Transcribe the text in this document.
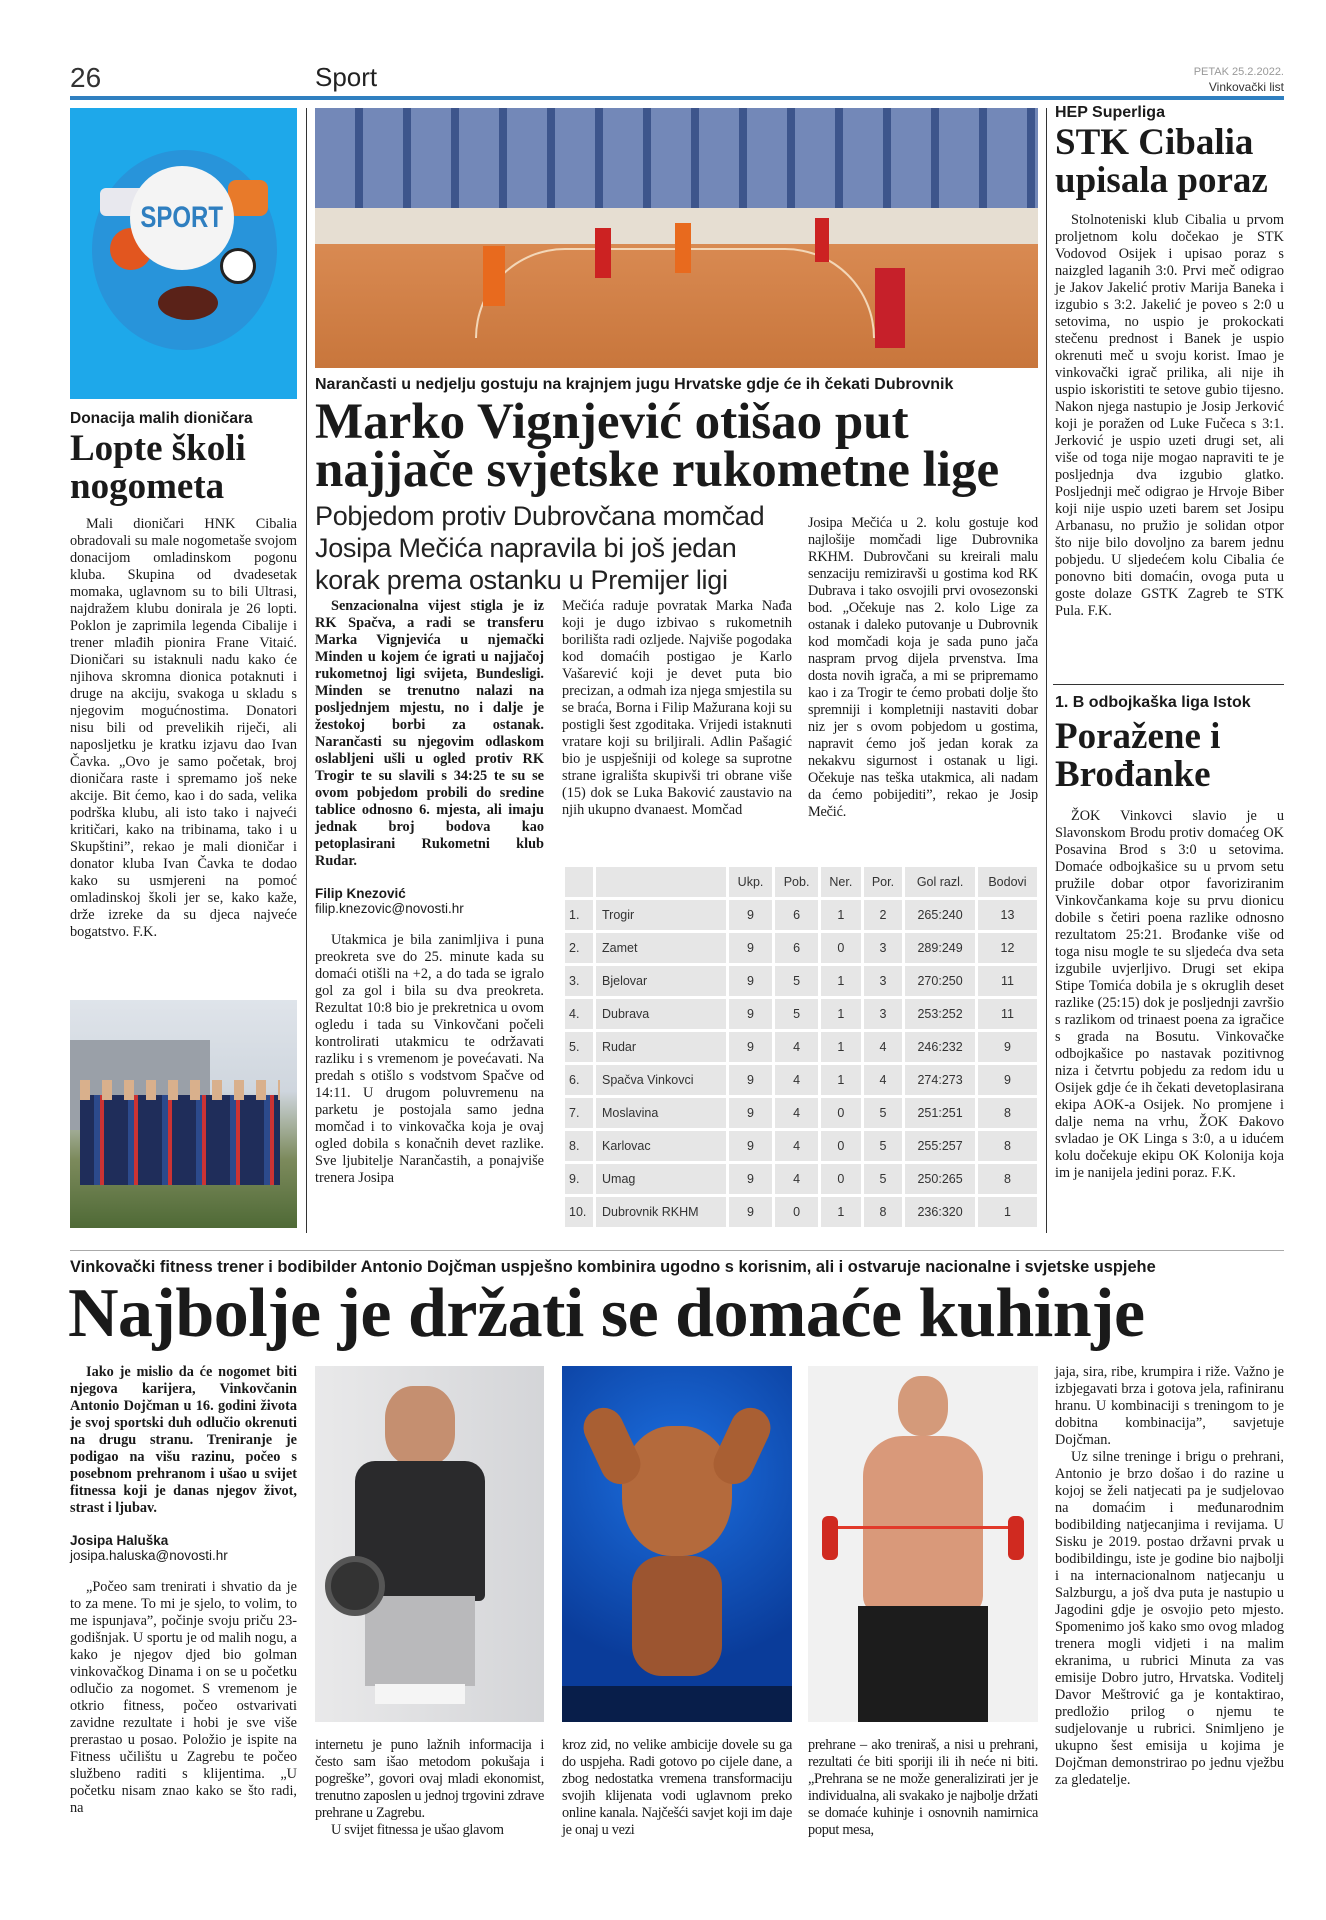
26	Sport	PETAK 25.2.2022.
Vinkovački list
SPORT
Donacija malih dioničara
Lopte školi nogometa

Mali dioničari HNK Cibalia obradovali su male nogometaše svojom donacijom omladinskom pogonu kluba. Skupina od dvadesetak momaka, uglavnom su to bili Ultrasi, najdražem klubu donirala je 26 lopti. Poklon je zaprimila legenda Cibalije i trener mlađih pionira Frane Vitaić. Dioničari su istaknuli nadu kako će njihova skromna dionica potaknuti i druge na akciju, svakoga u skladu s njegovim mogućnostima. Donatori nisu bili od prevelikih riječi, ali naposljetku je kratku izjavu dao Ivan Čavka. „Ovo je samo početak, broj dioničara raste i spremamo još neke akcije. Bit ćemo, kao i do sada, velika podrška klubu, ali isto tako i najveći kritičari, kako na tribinama, tako i u Skupštini”, rekao je mali dioničar i donator kluba Ivan Čavka te dodao kako su usmjereni na pomoć omladinskoj školi jer se, kako kaže, drže izreke da su djeca najveće bogatstvo. F.K.

Narančasti u nedjelju gostuju na krajnjem jugu Hrvatske gdje će ih čekati Dubrovnik
Marko Vignjević otišao put
najjače svjetske rukometne lige
Pobjedom protiv Dubrovčana momčad Josipa Mečića napravila bi još jedan korak prema ostanku u Premijer ligi

Senzacionalna vijest stigla je iz RK Spačva, a radi se transferu Marka Vignjevića u njemački Minden u kojem će igrati u najjačoj rukometnoj ligi svijeta, Bundesligi. Minden se trenutno nalazi na posljednjem mjestu, no i dalje je žestokoj borbi za ostanak. Narančasti su njegovim odlaskom oslabljeni ušli u ogled protiv RK Trogir te su slavili s 34:25 te su se ovom pobjedom probili do sredine tablice odnosno 6. mjesta, ali imaju jednak broj bodova kao petoplasirani Rukometni klub Rudar.

Filip Knezović
filip.knezovic@novosti.hr

Utakmica je bila zanimljiva i puna preokreta sve do 25. minute kada su domaći otišli na +2, a do tada se igralo gol za gol i bila su dva preokreta. Rezultat 10:8 bio je prekretnica u ovom ogledu i tada su Vinkovčani počeli kontrolirati utakmicu te održavati razliku i s vremenom je povećavati. Na predah s otišlo s vodstvom Spačve od 14:11. U drugom poluvremenu na parketu je postojala samo jedna momčad i to vinkovačka koja je ovaj ogled dobila s konačnih devet razlike. Sve ljubitelje Narančastih, a ponajviše trenera Josipa

Mečića raduje povratak Marka Nađa koji je dugo izbivao s rukometnih borilišta radi ozljede. Najviše pogodaka kod domaćih postigao je Karlo Vašarević koji je devet puta bio precizan, a odmah iza njega smjestila su se braća, Borna i Filip Mažurana koji su postigli šest zgoditaka. Vrijedi istaknuti vratare koji su briljirali. Adlin Pašagić bio je uspješniji od kolege sa suprotne strane igrališta skupivši tri obrane više (15) dok se Luka Baković zaustavio na njih ukupno dvanaest. Momčad

Josipa Mečića u 2. kolu gostuje kod najlošije momčadi lige Dubrovnika RKHM. Dubrovčani su kreirali malu senzaciju remiziravši u gostima kod RK Dubrava i tako osvojili prvi ovosezonski bod. „Očekuje nas 2. kolo Lige za ostanak i daleko putovanje u Dubrovnik kod momčadi koja je sada puno jača naspram prvog dijela prvenstva. Ima dosta novih igrača, a mi se pripremamo kao i za Trogir te ćemo probati dolje što spremniji i kompletniji nastaviti dobar niz jer s ovom pobjedom u gostima, napravit ćemo još jedan korak za nekakvu sigurnost i ostanak u ligi. Očekuje nas teška utakmica, ali nadam da ćemo pobijediti”, rekao je Josip Mečić.

		Ukp.	Pob.	Ner.	Por.	Gol razl.	Bodovi
1.	Trogir	9	6	1	2	265:240	13
2.	Zamet	9	6	0	3	289:249	12
3.	Bjelovar	9	5	1	3	270:250	11
4.	Dubrava	9	5	1	3	253:252	11
5.	Rudar	9	4	1	4	246:232	9
6.	Spačva Vinkovci	9	4	1	4	274:273	9
7.	Moslavina	9	4	0	5	251:251	8
8.	Karlovac	9	4	0	5	255:257	8
9.	Umag	9	4	0	5	250:265	8
10.	Dubrovnik RKHM	9	0	1	8	236:320	1
HEP Superliga
STK Cibalia upisala poraz

Stolnoteniski klub Cibalia u prvom proljetnom kolu dočekao je STK Vodovod Osijek i upisao poraz s naizgled laganih 3:0. Prvi meč odigrao je Jakov Jakelić protiv Marija Baneka i izgubio s 3:2. Jakelić je poveo s 2:0 u setovima, no uspio je prokockati stečenu prednost i Banek je uspio okrenuti meč u svoju korist. Imao je vinkovački igrač prilika, ali nije ih uspio iskoristiti te setove gubio tijesno. Nakon njega nastupio je Josip Jerković koji je poražen od Luke Fučeca s 3:1. Jerković je uspio uzeti drugi set, ali više od toga nije mogao napraviti te je posljednja dva izgubio glatko. Posljednji meč odigrao je Hrvoje Biber koji nije uspio uzeti barem set Josipu Arbanasu, no pružio je solidan otpor što nije bilo dovoljno za barem jednu pobjedu. U sljedećem kolu Cibalia će ponovno biti domaćin, ovoga puta u goste dolaze GSTK Zagreb te STK Pula. F.K.

1. B odbojkaška liga Istok
Poražene i Brođanke

ŽOK Vinkovci slavio je u Slavonskom Brodu protiv domaćeg OK Posavina Brod s 3:0 u setovima. Domaće odbojkašice su u prvom setu pružile dobar otpor favoriziranim Vinkovčankama koje su prvu dionicu dobile s četiri poena razlike odnosno rezultatom 25:21. Brođanke više od toga nisu mogle te su sljedeća dva seta izgubile uvjerljivo. Drugi set ekipa Stipe Tomića dobila je s okruglih deset razlike (25:15) dok je posljednji završio s razlikom od trinaest poena za igračice s grada na Bosutu. Vinkovačke odbojkašice po nastavak pozitivnog niza i četvrtu pobjedu za redom idu u Osijek gdje će ih čekati devetoplasirana ekipa AOK-a Osijek. No promjene i dalje nema na vrhu, ŽOK Đakovo svladao je OK Linga s 3:0, a u idućem kolu dočekuje ekipu OK Kolonija koja im je nanijela jedini poraz. F.K.

Vinkovački fitness trener i bodibilder Antonio Dojčman uspješno kombinira ugodno s korisnim, ali i ostvaruje nacionalne i svjetske uspjehe
Najbolje je držati se domaće kuhinje

Iako je mislio da će nogomet biti njegova karijera, Vinkovčanin Antonio Dojčman u 16. godini života je svoj sportski duh odlučio okrenuti na drugu stranu. Treniranje je podigao na višu razinu, počeo s posebnom prehranom i ušao u svijet fitnessa koji je danas njegov život, strast i ljubav.

Josipa Haluška
josipa.haluska@novosti.hr

„Počeo sam trenirati i shvatio da je to za mene. To mi je sjelo, to volim, to me ispunjava”, počinje svoju priču 23-godišnjak. U sportu je od malih nogu, a kako je njegov djed bio golman vinkovačkog Dinama i on se u početku odlučio za nogomet. S vremenom je otkrio fitness, počeo ostvarivati zavidne rezultate i hobi je sve više prerastao u posao. Položio je ispite na Fitness učilištu u Zagrebu te počeo službeno raditi s klijentima. „U početku nisam znao kako se što radi, na

internetu je puno lažnih informacija i često sam išao metodom pokušaja i pogreške”, govori ovaj mladi ekonomist, trenutno zaposlen u jednoj trgovini zdrave prehrane u Zagrebu.

U svijet fitnessa je ušao glavom

kroz zid, no velike ambicije dovele su ga do uspjeha. Radi gotovo po cijele dane, a zbog nedostatka vremena transformaciju svojih klijenata vodi uglavnom preko online kanala. Najčešći savjet koji im daje je onaj u vezi

prehrane – ako treniraš, a nisi u prehrani, rezultati će biti sporiji ili ih neće ni biti. „Prehrana se ne može generalizirati jer je individualna, ali svakako je najbolje držati se domaće kuhinje i osnovnih namirnica poput mesa,

jaja, sira, ribe, krumpira i riže. Važno je izbjegavati brza i gotova jela, rafiniranu hranu. U kombinaciji s treningom to je dobitna kombinacija”, savjetuje Dojčman.

Uz silne treninge i brigu o prehrani, Antonio je brzo došao i do razine u kojoj se želi natjecati pa je sudjelovao na domaćim i međunarodnim bodibilding natjecanjima i revijama. U Sisku je 2019. postao državni prvak u bodibildingu, iste je godine bio najbolji i na internacionalnom natjecanju u Salzburgu, a još dva puta je nastupio u Jagodini gdje je osvojio peto mjesto. Spomenimo još kako smo ovog mladog trenera mogli vidjeti i na malim ekranima, u rubrici Minuta za vas emisije Dobro jutro, Hrvatska. Voditelj Davor Meštrović ga je kontaktirao, predložio prilog o njemu te sudjelovanje u rubrici. Snimljeno je ukupno šest emisija u kojima je Dojčman demonstrirao po jednu vježbu za gledatelje.
